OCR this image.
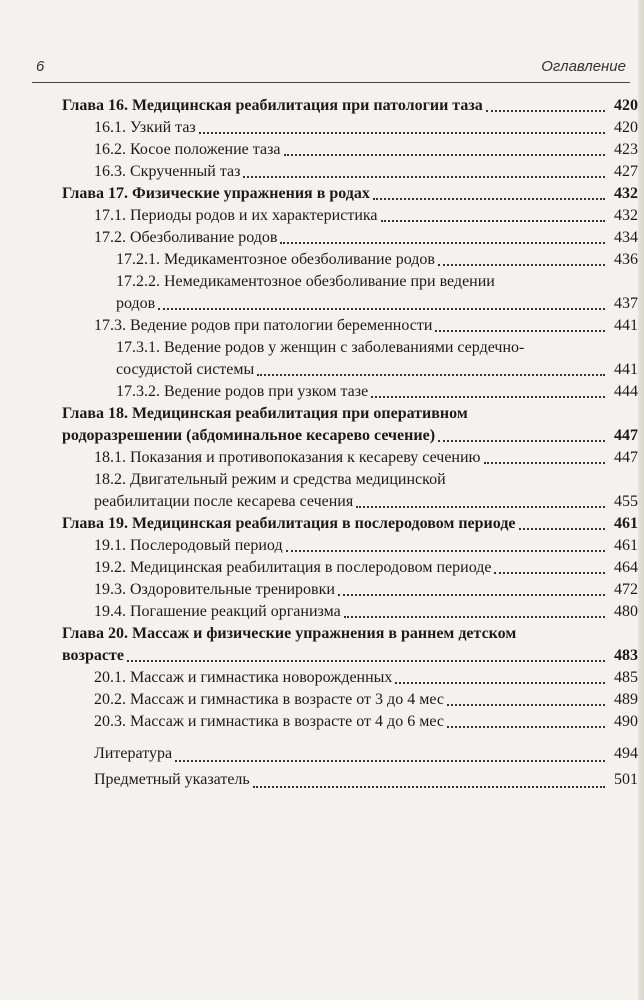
6	Оглавление
Глава 16. Медицинская реабилитация при патологии таза	420
16.1. Узкий таз	420
16.2. Косое положение таза	423
16.3. Скрученный таз	427
Глава 17. Физические упражнения в родах	432
17.1. Периоды родов и их характеристика	432
17.2. Обезболивание родов	434
17.2.1. Медикаментозное обезболивание родов	436
17.2.2. Немедикаментозное обезболивание при ведении
родов	437
17.3. Ведение родов при патологии беременности	441
17.3.1. Ведение родов у женщин с заболеваниями сердечно-
сосудистой системы	441
17.3.2. Ведение родов при узком тазе	444
Глава 18. Медицинская реабилитация при оперативном
родоразрешении (абдоминальное кесарево сечение)	447
18.1. Показания и противопоказания к кесареву сечению	447
18.2. Двигательный режим и средства медицинской
реабилитации после кесарева сечения	455
Глава 19. Медицинская реабилитация в послеродовом периоде	461
19.1. Послеродовый период	461
19.2. Медицинская реабилитация в послеродовом периоде	464
19.3. Оздоровительные тренировки	472
19.4. Погашение реакций организма	480
Глава 20. Массаж и физические упражнения в раннем детском
возрасте	483
20.1. Массаж и гимнастика новорожденных	485
20.2. Массаж и гимнастика в возрасте от 3 до 4 мес	489
20.3. Массаж и гимнастика в возрасте от 4 до 6 мес	490
Литература	494
Предметный указатель	501
